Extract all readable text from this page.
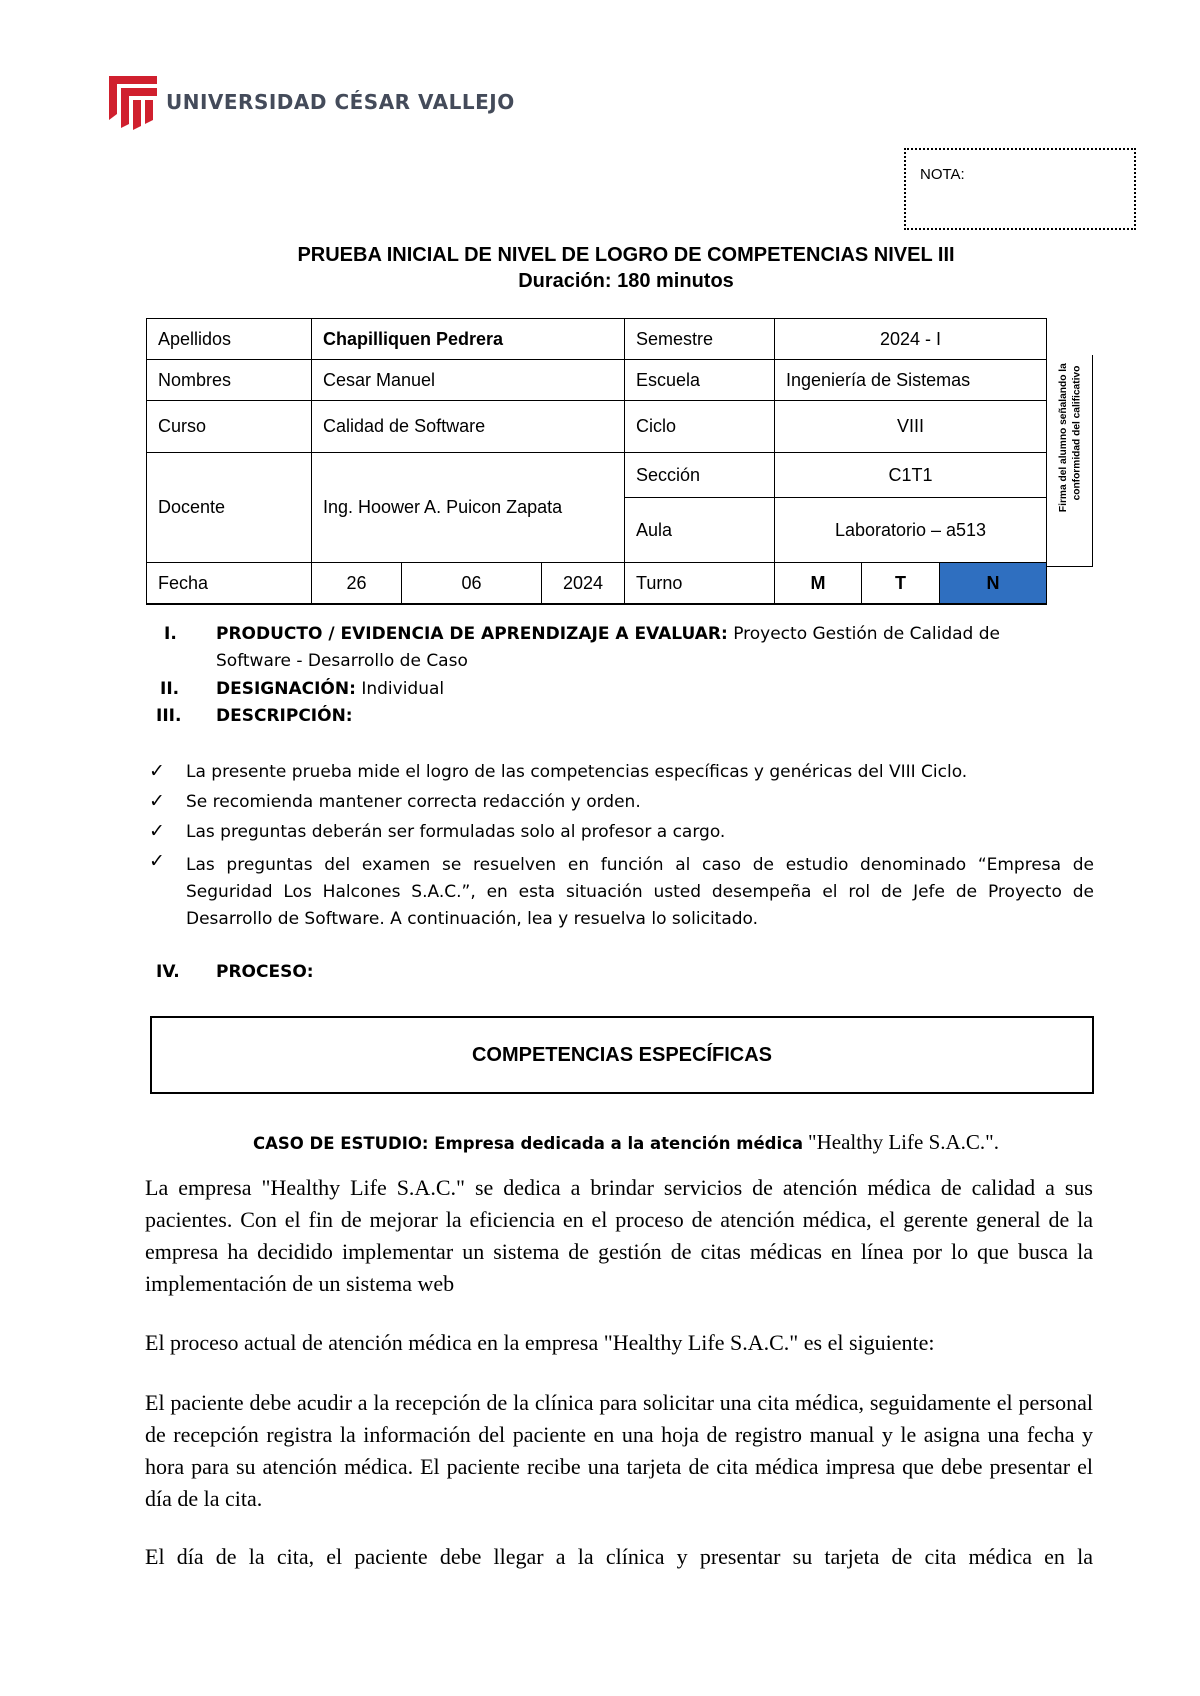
UNIVERSIDAD CÉSAR VALLEJO
NOTA:
PRUEBA INICIAL DE NIVEL DE LOGRO DE COMPETENCIAS NIVEL III
Duración: 180 minutos
Apellidos	Chapilliquen Pedrera			Semestre	2024 - I		
Nombres	Cesar Manuel			Escuela	Ingeniería de Sistemas		
Curso	Calidad de Software			Ciclo	VIII		
Docente	Ing. Hoower A. Puicon Zapata			Sección	C1T1		
				Aula	Laboratorio – a513		
Fecha	26	06	2024	Turno	M	T	N
Firma del alumno señalando la conformidad del calificativo
I. PRODUCTO / EVIDENCIA DE APRENDIZAJE A EVALUAR: Proyecto Gestión de Calidad de
Software - Desarrollo de Caso
II. DESIGNACIÓN: Individual
III. DESCRIPCIÓN:
✓ La presente prueba mide el logro de las competencias específicas y genéricas del VIII Ciclo.
✓ Se recomienda mantener correcta redacción y orden.
✓ Las preguntas deberán ser formuladas solo al profesor a cargo.
✓ Las preguntas del examen se resuelven en función al caso de estudio denominado “Empresa de Seguridad Los Halcones S.A.C.”, en esta situación usted desempeña el rol de Jefe de Proyecto de Desarrollo de Software. A continuación, lea y resuelva lo solicitado.
IV. PROCESO:
COMPETENCIAS ESPECÍFICAS
CASO DE ESTUDIO: Empresa dedicada a la atención médica "Healthy Life S.A.C.".
La empresa "Healthy Life S.A.C." se dedica a brindar servicios de atención médica de calidad a sus pacientes. Con el fin de mejorar la eficiencia en el proceso de atención médica, el gerente general de la empresa ha decidido implementar un sistema de gestión de citas médicas en línea por lo que busca la implementación de un sistema web
El proceso actual de atención médica en la empresa "Healthy Life S.A.C." es el siguiente:
El paciente debe acudir a la recepción de la clínica para solicitar una cita médica, seguidamente el personal de recepción registra la información del paciente en una hoja de registro manual y le asigna una fecha y hora para su atención médica. El paciente recibe una tarjeta de cita médica impresa que debe presentar el día de la cita.
El día de la cita, el paciente debe llegar a la clínica y presentar su tarjeta de cita médica en la
